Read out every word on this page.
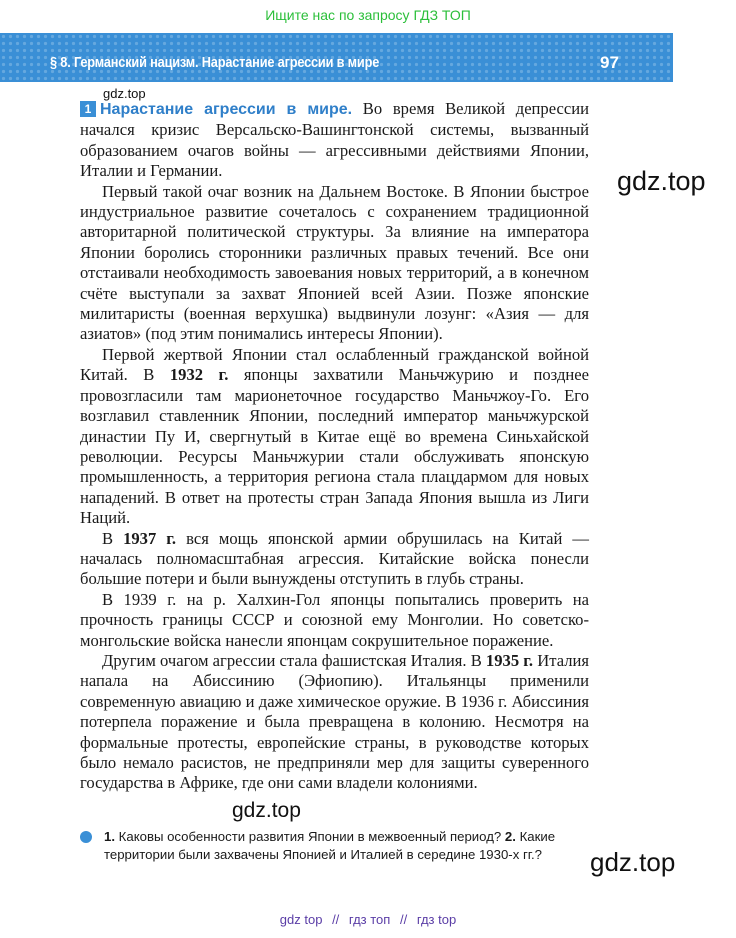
Ищите нас по запросу ГДЗ ТОП
§ 8. Германский нацизм. Нарастание агрессии в мире	97
gdz.top
gdz.top

1 Нарастание агрессии в мире. Во время Великой депрессии начался кризис Версальско-Вашингтонской системы, вызванный образованием очагов войны — агрессивными действиями Японии, Италии и Германии.

Первый такой очаг возник на Дальнем Востоке. В Японии быстрое индустриальное развитие сочеталось с сохранением традиционной авторитарной политической структуры. За влияние на императора Японии боролись сторонники различных правых течений. Все они отстаивали необходимость завоевания новых территорий, а в конечном счёте выступали за захват Японией всей Азии. Позже японские милитаристы (военная верхушка) выдвинули лозунг: «Азия — для азиатов» (под этим понимались интересы Японии).

Первой жертвой Японии стал ослабленный гражданской войной Китай. В 1932 г. японцы захватили Маньчжурию и позднее провозгласили там марионеточное государство Маньчжоу-Го. Его возглавил ставленник Японии, последний император маньчжурской династии Пу И, свергнутый в Китае ещё во времена Синьхайской революции. Ресурсы Маньчжурии стали обслуживать японскую промышленность, а территория региона стала плацдармом для новых нападений. В ответ на протесты стран Запада Япония вышла из Лиги Наций.

В 1937 г. вся мощь японской армии обрушилась на Китай — началась полномасштабная агрессия. Китайские войска понесли большие потери и были вынуждены отступить в глубь страны.

В 1939 г. на р. Халхин-Гол японцы попытались проверить на прочность границы СССР и союзной ему Монголии. Но советско-монгольские войска нанесли японцам сокрушительное поражение.

Другим очагом агрессии стала фашистская Италия. В 1935 г. Италия напала на Абиссинию (Эфиопию). Итальянцы применили современную авиацию и даже химическое оружие. В 1936 г. Абиссиния потерпела поражение и была превращена в колонию. Несмотря на формальные протесты, европейские страны, в руководстве которых было немало расистов, не предприняли мер для защиты суверенного государства в Африке, где они сами владели колониями.

gdz.top
1. Каковы особенности развития Японии в межвоенный период? 2. Какие территории были захвачены Японией и Италией в середине 1930-х гг.?	gdz.top
gdz top // гдз топ // гдз top
